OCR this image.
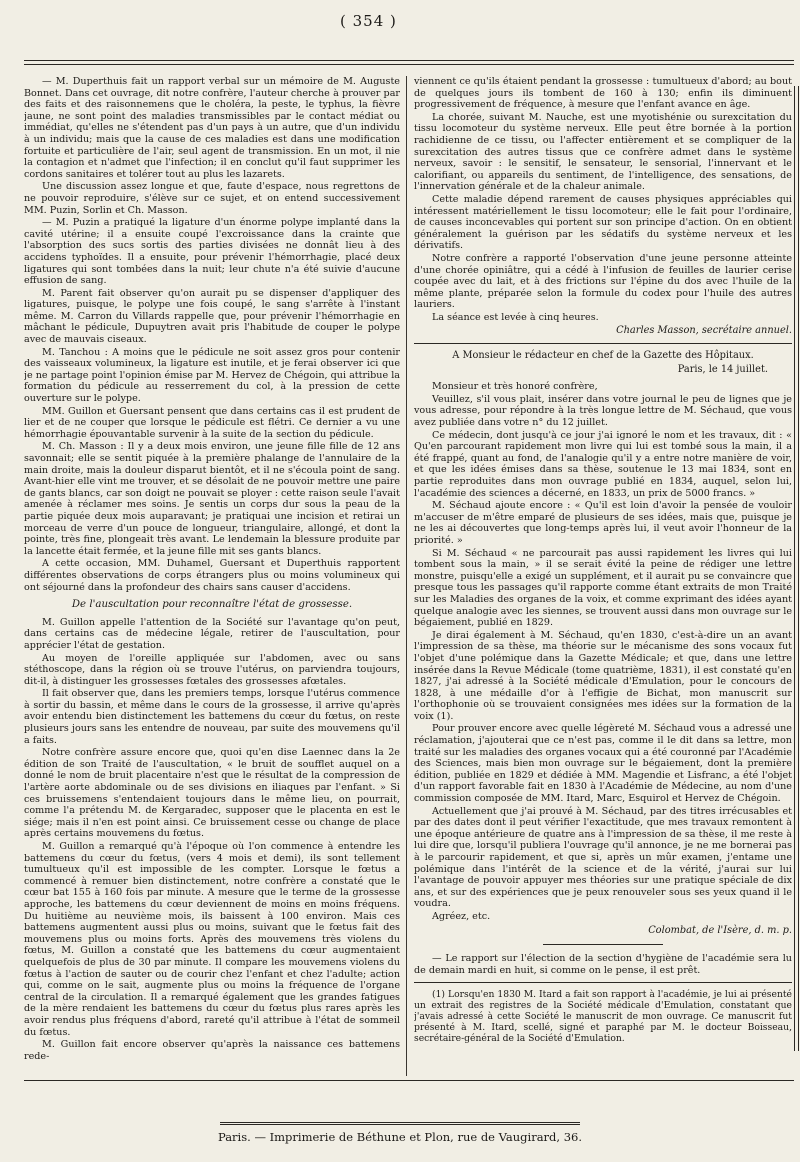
( 354 )

— M. Duperthuis fait un rapport verbal sur un mémoire de M. Auguste Bonnet. Dans cet ouvrage, dit notre confrère, l'auteur cherche à prouver par des faits et des raisonnemens que le choléra, la peste, le typhus, la fièvre jaune, ne sont point des maladies transmissibles par le contact médiat ou immédiat, qu'elles ne s'étendent pas d'un pays à un autre, que d'un individu à un individu; mais que la cause de ces maladies est dans une modification fortuite et particulière de l'air, seul agent de transmission. En un mot, il nie la contagion et n'admet que l'infection; il en conclut qu'il faut supprimer les cordons sanitaires et tolérer tout au plus les lazarets.

Une discussion assez longue et que, faute d'espace, nous regrettons de ne pouvoir reproduire, s'élève sur ce sujet, et on entend successivement MM. Puzin, Sorlin et Ch. Masson.

— M. Puzin a pratiqué la ligature d'un énorme polype implanté dans la cavité utérine; il a ensuite coupé l'excroissance dans la crainte que l'absorption des sucs sortis des parties divisées ne donnât lieu à des accidens typhoïdes. Il a ensuite, pour prévenir l'hémorrhagie, placé deux ligatures qui sont tombées dans la nuit; leur chute n'a été suivie d'aucune effusion de sang.

M. Parent fait observer qu'on aurait pu se dispenser d'appliquer des ligatures, puisque, le polype une fois coupé, le sang s'arrête à l'instant même. M. Carron du Villards rappelle que, pour prévenir l'hémorrhagie en mâchant le pédicule, Dupuytren avait pris l'habitude de couper le polype avec de mauvais ciseaux.

M. Tanchou : A moins que le pédicule ne soit assez gros pour contenir des vaisseaux volumineux, la ligature est inutile, et je ferai observer ici que je ne partage point l'opinion émise par M. Hervez de Chégoin, qui attribue la formation du pédicule au resserrement du col, à la pression de cette ouverture sur le polype.

MM. Guillon et Guersant pensent que dans certains cas il est prudent de lier et de ne couper que lorsque le pédicule est flétri. Ce dernier a vu une hémorrhagie épouvantable survenir à la suite de la section du pédicule.

M. Ch. Masson : Il y a deux mois environ, une jeune fille fille de 12 ans savonnait; elle se sentit piquée à la première phalange de l'annulaire de la main droite, mais la douleur disparut bientôt, et il ne s'écoula point de sang. Avant-hier elle vint me trouver, et se désolait de ne pouvoir mettre une paire de gants blancs, car son doigt ne pouvait se ployer : cette raison seule l'avait amenée à réclamer mes soins. Je sentis un corps dur sous la peau de la partie piquée deux mois auparavant; je pratiquai une incision et retirai un morceau de verre d'un pouce de longueur, triangulaire, allongé, et dont la pointe, très fine, plongeait très avant. Le lendemain la blessure produite par la lancette était fermée, et la jeune fille mit ses gants blancs.

A cette occasion, MM. Duhamel, Guersant et Duperthuis rapportent différentes observations de corps étrangers plus ou moins volumineux qui ont séjourné dans la profondeur des chairs sans causer d'accidens.

De l'auscultation pour reconnaître l'état de grossesse.

M. Guillon appelle l'attention de la Société sur l'avantage qu'on peut, dans certains cas de médecine légale, retirer de l'auscultation, pour apprécier l'état de gestation.

Au moyen de l'oreille appliquée sur l'abdomen, avec ou sans stéthoscope, dans la région où se trouve l'utérus, on parviendra toujours, dit-il, à distinguer les grossesses fœtales des grossesses afœtales.

Il fait observer que, dans les premiers temps, lorsque l'utérus commence à sortir du bassin, et même dans le cours de la grossesse, il arrive qu'après avoir entendu bien distinctement les battemens du cœur du fœtus, on reste plusieurs jours sans les entendre de nouveau, par suite des mouvemens qu'il a faits.

Notre confrère assure encore que, quoi qu'en dise Laennec dans la 2e édition de son Traité de l'auscultation, « le bruit de soufflet auquel on a donné le nom de bruit placentaire n'est que le résultat de la compression de l'artère aorte abdominale ou de ses divisions en iliaques par l'enfant. » Si ces bruissemens s'entendaient toujours dans le même lieu, on pourrait, comme l'a prétendu M. de Kergaradec, supposer que le placenta en est le siége; mais il n'en est point ainsi. Ce bruissement cesse ou change de place après certains mouvemens du fœtus.

M. Guillon a remarqué qu'à l'époque où l'on commence à entendre les battemens du cœur du fœtus, (vers 4 mois et demi), ils sont tellement tumultueux qu'il est impossible de les compter. Lorsque le fœtus a commencé à remuer bien distinctement, notre confrère a constaté que le cœur bat 155 à 160 fois par minute. A mesure que le terme de la grossesse approche, les battemens du cœur deviennent de moins en moins fréquens. Du huitième au neuvième mois, ils baissent à 100 environ. Mais ces battemens augmentent aussi plus ou moins, suivant que le fœtus fait des mouvemens plus ou moins forts. Après des mouvemens très violens du fœtus, M. Guillon a constaté que les battemens du cœur augmentaient quelquefois de plus de 30 par minute. Il compare les mouvemens violens du fœtus à l'action de sauter ou de courir chez l'enfant et chez l'adulte; action qui, comme on le sait, augmente plus ou moins la fréquence de l'organe central de la circulation. Il a remarqué également que les grandes fatigues de la mère rendaient les battemens du cœur du fœtus plus rares après les avoir rendus plus fréquens d'abord, rareté qu'il attribue à l'état de sommeil du fœtus.

M. Guillon fait encore observer qu'après la naissance ces battemens rede-

viennent ce qu'ils étaient pendant la grossesse : tumultueux d'abord; au bout de quelques jours ils tombent de 160 à 130; enfin ils diminuent progressivement de fréquence, à mesure que l'enfant avance en âge.

La chorée, suivant M. Nauche, est une myotishénie ou surexcitation du tissu locomoteur du système nerveux. Elle peut être bornée à la portion rachidienne de ce tissu, ou l'affecter entièrement et se compliquer de la surexcitation des autres tissus que ce confrère admet dans le système nerveux, savoir : le sensitif, le sensateur, le sensorial, l'innervant et le calorifiant, ou appareils du sentiment, de l'intelligence, des sensations, de l'innervation générale et de la chaleur animale.

Cette maladie dépend rarement de causes physiques appréciables qui intéressent matériellement le tissu locomoteur; elle le fait pour l'ordinaire, de causes inconcevables qui portent sur son principe d'action. On en obtient généralement la guérison par les sédatifs du système nerveux et les dérivatifs.

Notre confrère a rapporté l'observation d'une jeune personne atteinte d'une chorée opiniâtre, qui a cédé à l'infusion de feuilles de laurier cerise coupée avec du lait, et à des frictions sur l'épine du dos avec l'huile de la même plante, préparée selon la formule du codex pour l'huile des autres lauriers.

La séance est levée à cinq heures.

Charles Masson, secrétaire annuel.
A Monsieur le rédacteur en chef de la Gazette des Hôpitaux.
Paris, le 14 juillet.

Monsieur et très honoré confrère,

Veuillez, s'il vous plait, insérer dans votre journal le peu de lignes que je vous adresse, pour répondre à la très longue lettre de M. Séchaud, que vous avez publiée dans votre n° du 12 juillet.

Ce médecin, dont jusqu'à ce jour j'ai ignoré le nom et les travaux, dit : « Qu'en parcourant rapidement mon livre qui lui est tombé sous la main, il a été frappé, quant au fond, de l'analogie qu'il y a entre notre manière de voir, et que les idées émises dans sa thèse, soutenue le 13 mai 1834, sont en partie reproduites dans mon ouvrage publié en 1834, auquel, selon lui, l'académie des sciences a décerné, en 1833, un prix de 5000 francs. »

M. Séchaud ajoute encore : « Qu'il est loin d'avoir la pensée de vouloir m'accuser de m'être emparé de plusieurs de ses idées, mais que, puisque je ne les ai découvertes que long-temps après lui, il veut avoir l'honneur de la priorité. »

Si M. Séchaud « ne parcourait pas aussi rapidement les livres qui lui tombent sous la main, » il se serait évité la peine de rédiger une lettre monstre, puisqu'elle a exigé un supplément, et il aurait pu se convaincre que presque tous les passages qu'il rapporte comme étant extraits de mon Traité sur les Maladies des organes de la voix, et comme exprimant des idées ayant quelque analogie avec les siennes, se trouvent aussi dans mon ouvrage sur le bégaiement, publié en 1829.

Je dirai également à M. Séchaud, qu'en 1830, c'est-à-dire un an avant l'impression de sa thèse, ma théorie sur le mécanisme des sons vocaux fut l'objet d'une polémique dans la Gazette Médicale; et que, dans une lettre insérée dans la Revue Médicale (tome quatrième, 1831), il est constaté qu'en 1827, j'ai adressé à la Société médicale d'Emulation, pour le concours de 1828, à une médaille d'or à l'effigie de Bichat, mon manuscrit sur l'orthophonie où se trouvaient consignées mes idées sur la formation de la voix (1).

Pour prouver encore avec quelle légèreté M. Séchaud vous a adressé une réclamation, j'ajouterai que ce n'est pas, comme il le dit dans sa lettre, mon traité sur les maladies des organes vocaux qui a été couronné par l'Académie des Sciences, mais bien mon ouvrage sur le bégaiement, dont la première édition, publiée en 1829 et dédiée à MM. Magendie et Lisfranc, a été l'objet d'un rapport favorable fait en 1830 à l'Académie de Médecine, au nom d'une commission composée de MM. Itard, Marc, Esquirol et Hervez de Chégoin.

Actuellement que j'ai prouvé à M. Séchaud, par des titres irrécusables et par des dates dont il peut vérifier l'exactitude, que mes travaux remontent à une époque antérieure de quatre ans à l'impression de sa thèse, il me reste à lui dire que, lorsqu'il publiera l'ouvrage qu'il annonce, je ne me bornerai pas à le parcourir rapidement, et que si, après un mûr examen, j'entame une polémique dans l'intérêt de la science et de la vérité, j'aurai sur lui l'avantage de pouvoir appuyer mes théories sur une pratique spéciale de dix ans, et sur des expériences que je peux renouveler sous ses yeux quand il le voudra.

Agréez, etc.

Colombat, de l'Isère, d. m. p.

— Le rapport sur l'élection de la section d'hygiène de l'académie sera lu de demain mardi en huit, si comme on le pense, il est prêt.

(1) Lorsqu'en 1830 M. Itard a fait son rapport à l'académie, je lui ai présenté un extrait des registres de la Société médicale d'Emulation, constatant que j'avais adressé à cette Société le manuscrit de mon ouvrage. Ce manuscrit fut présenté à M. Itard, scellé, signé et paraphé par M. le docteur Boisseau, secrétaire-général de la Société d'Emulation.

Paris. — Imprimerie de Béthune et Plon, rue de Vaugirard, 36.
